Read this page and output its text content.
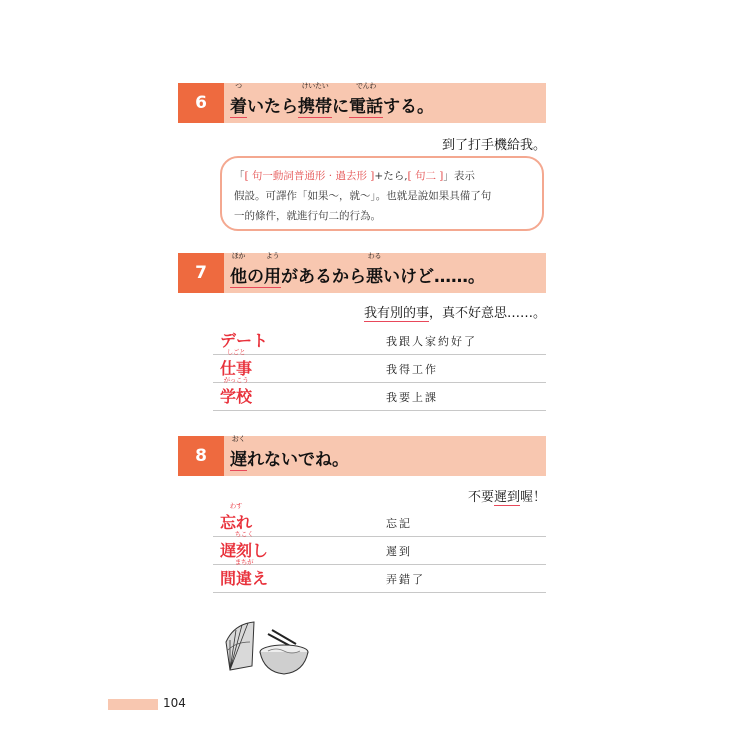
6
つ
着いたら
けいたい
携帯に
でんわ
電話する。
到了打手機給我。
「[ 句一動詞普通形 · 過去形 ]+たら,[ 句二 ]」表示
假設。可譯作「如果～，就～」。也就是說如果具備了句
一的條件，就進行句二的行為。
7
ほか
他の
よう
用があるから
わる
悪いけど……。
我有別的事，真不好意思……。
デート	我跟人家約好了
しごと
仕事	我得工作
がっこう
学校	我要上課
8
おく
遅れないでね。
不要遲到喔！
わす
忘れ	忘記
ちこく
遅刻し	遲到
まちが
間違え	弄錯了
104
